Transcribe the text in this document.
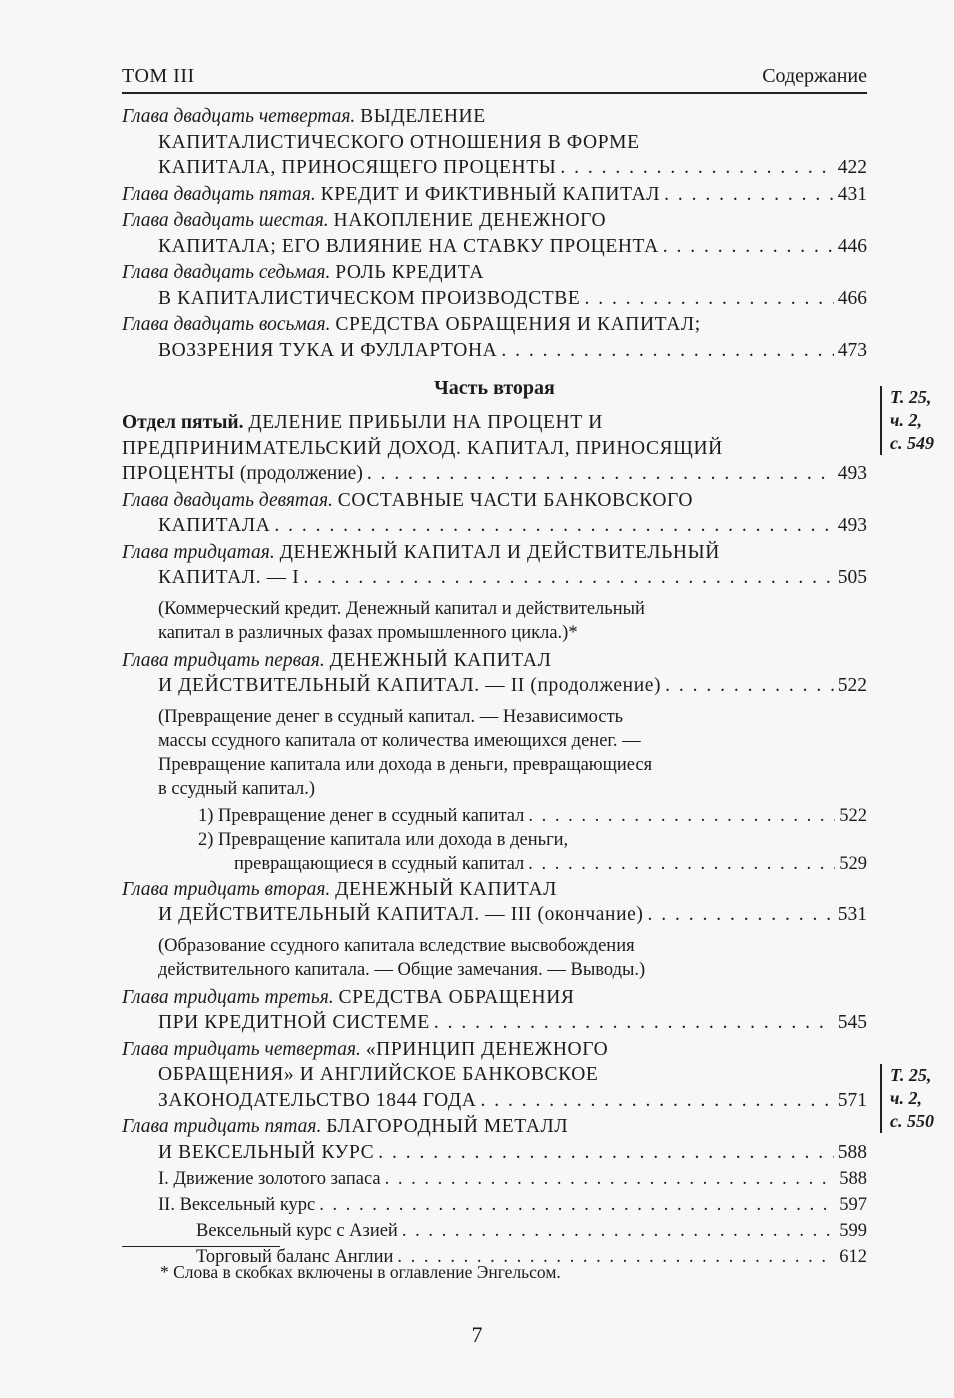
ТОМ III	Содержание
Глава двадцать четвертая. ВЫДЕЛЕНИЕ
КАПИТАЛИСТИЧЕСКОГО ОТНОШЕНИЯ В ФОРМЕ
КАПИТАЛА, ПРИНОСЯЩЕГО ПРОЦЕНТЫ . . .	422
Глава двадцать пятая. КРЕДИТ И ФИКТИВНЫЙ КАПИТАЛ . . .	431
Глава двадцать шестая. НАКОПЛЕНИЕ ДЕНЕЖНОГО
КАПИТАЛА; ЕГО ВЛИЯНИЕ НА СТАВКУ ПРОЦЕНТА . . .	446
Глава двадцать седьмая. РОЛЬ КРЕДИТА
В КАПИТАЛИСТИЧЕСКОМ ПРОИЗВОДСТВЕ . . .	466
Глава двадцать восьмая. СРЕДСТВА ОБРАЩЕНИЯ И КАПИТАЛ;
ВОЗЗРЕНИЯ ТУКА И ФУЛЛАРТОНА . . .	473
Часть вторая
Отдел пятый. ДЕЛЕНИЕ ПРИБЫЛИ НА ПРОЦЕНТ И
ПРЕДПРИНИМАТЕЛЬСКИЙ ДОХОД. КАПИТАЛ, ПРИНОСЯЩИЙ
ПРОЦЕНТЫ (продолжение) . . .	493
Глава двадцать девятая. СОСТАВНЫЕ ЧАСТИ БАНКОВСКОГО
КАПИТАЛА . . .	493
Глава тридцатая. ДЕНЕЖНЫЙ КАПИТАЛ И ДЕЙСТВИТЕЛЬНЫЙ
КАПИТАЛ. — I . . .	505
(Коммерческий кредит. Денежный капитал и действительный
капитал в различных фазах промышленного цикла.)*
Глава тридцать первая. ДЕНЕЖНЫЙ КАПИТАЛ
И ДЕЙСТВИТЕЛЬНЫЙ КАПИТАЛ. — II (продолжение) . . .	522
(Превращение денег в ссудный капитал. — Независимость
массы ссудного капитала от количества имеющихся денег. —
Превращение капитала или дохода в деньги, превращающиеся
в ссудный капитал.)
1) Превращение денег в ссудный капитал . . .	522
2) Превращение капитала или дохода в деньги,
превращающиеся в ссудный капитал . . .	529
Глава тридцать вторая. ДЕНЕЖНЫЙ КАПИТАЛ
И ДЕЙСТВИТЕЛЬНЫЙ КАПИТАЛ. — III (окончание) . . .	531
(Образование ссудного капитала вследствие высвобождения
действительного капитала. — Общие замечания. — Выводы.)
Глава тридцать третья. СРЕДСТВА ОБРАЩЕНИЯ
ПРИ КРЕДИТНОЙ СИСТЕМЕ . . .	545
Глава тридцать четвертая. «ПРИНЦИП ДЕНЕЖНОГО
ОБРАЩЕНИЯ» И АНГЛИЙСКОЕ БАНКОВСКОЕ
ЗАКОНОДАТЕЛЬСТВО 1844 ГОДА . . .	571
Глава тридцать пятая. БЛАГОРОДНЫЙ МЕТАЛЛ
И ВЕКСЕЛЬНЫЙ КУРС . . .	588
I. Движение золотого запаса . . .	588
II. Вексельный курс . . .	597
Вексельный курс с Азией . . .	599
Торговый баланс Англии . . .	612
Т. 25,
ч. 2,
с. 549
Т. 25,
ч. 2,
с. 550
* Слова в скобках включены в оглавление Энгельсом.
7
